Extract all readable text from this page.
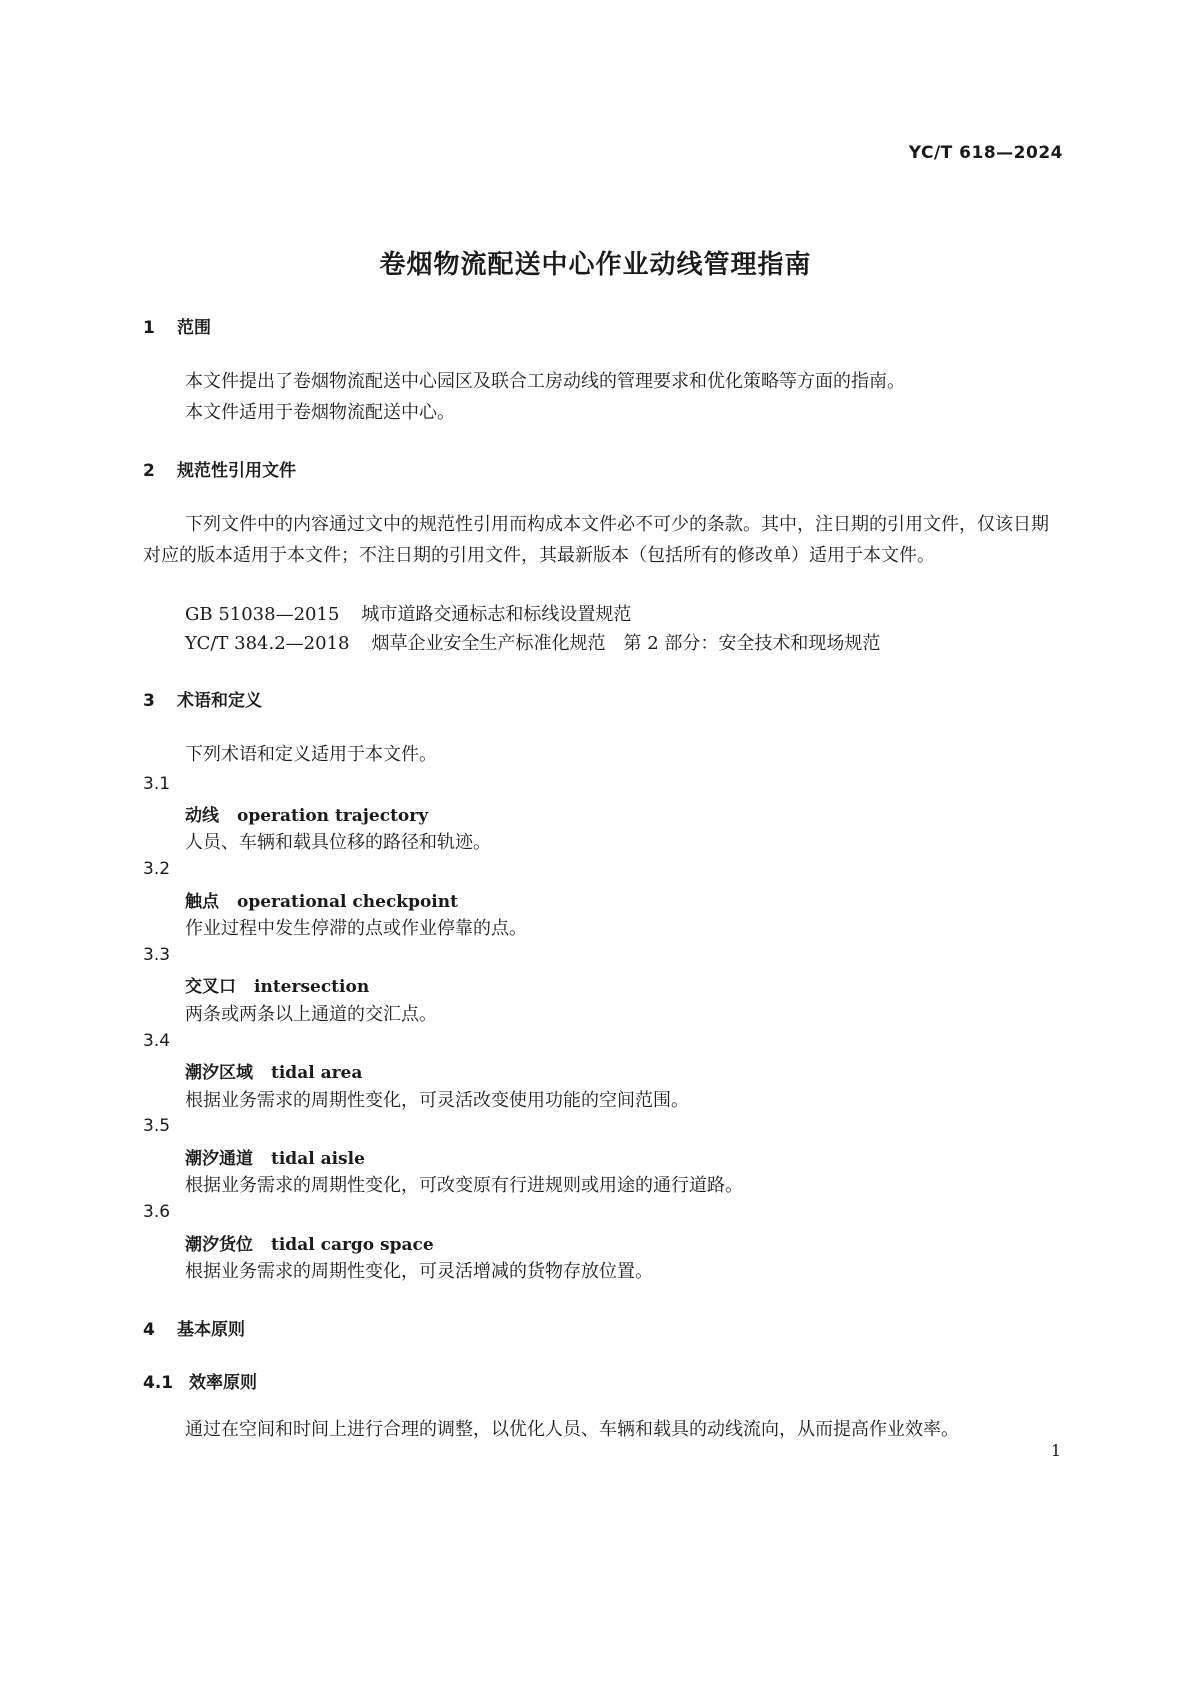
YC/T 618—2024
卷烟物流配送中心作业动线管理指南
1 范围
本文件提出了卷烟物流配送中心园区及联合工房动线的管理要求和优化策略等方面的指南。
本文件适用于卷烟物流配送中心。
2 规范性引用文件
下列文件中的内容通过文中的规范性引用而构成本文件必不可少的条款。其中，注日期的引用文件，仅该日期对应的版本适用于本文件；不注日期的引用文件，其最新版本（包括所有的修改单）适用于本文件。
GB 51038—2015 城市道路交通标志和标线设置规范
YC/T 384.2—2018 烟草企业安全生产标准化规范　第 2 部分：安全技术和现场规范
3 术语和定义
下列术语和定义适用于本文件。
3.1
动线 operation trajectory
人员、车辆和载具位移的路径和轨迹。
3.2
触点 operational checkpoint
作业过程中发生停滞的点或作业停靠的点。
3.3
交叉口 intersection
两条或两条以上通道的交汇点。
3.4
潮汐区域 tidal area
根据业务需求的周期性变化，可灵活改变使用功能的空间范围。
3.5
潮汐通道 tidal aisle
根据业务需求的周期性变化，可改变原有行进规则或用途的通行道路。
3.6
潮汐货位 tidal cargo space
根据业务需求的周期性变化，可灵活增减的货物存放位置。
4 基本原则
4.1 效率原则
通过在空间和时间上进行合理的调整，以优化人员、车辆和载具的动线流向，从而提高作业效率。
1
